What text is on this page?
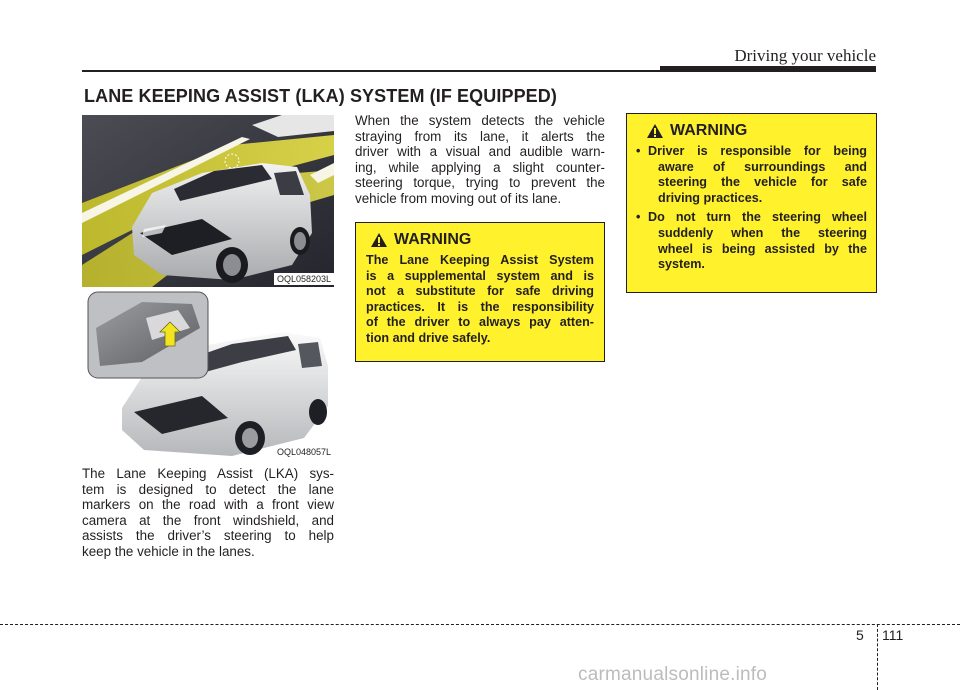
Driving your vehicle
LANE KEEPING ASSIST (LKA) SYSTEM (IF EQUIPPED)
OQL058203L
OQL048057L
The Lane Keeping Assist (LKA) sys-
tem is designed to detect the lane
markers on the road with a front view
camera at the front windshield, and
assists the driver’s steering to help
keep the vehicle in the lanes.
When the system detects the vehicle
straying from its lane, it alerts the
driver with a visual and audible warn-
ing, while applying a slight counter-
steering torque, trying to prevent the
vehicle from moving out of its lane.
WARNING
The Lane Keeping Assist System
is a supplemental system and is
not a substitute for safe driving
practices. It is the responsibility
of the driver to always pay atten-
tion and drive safely.
WARNING
• Driver is responsible for being
aware of surroundings and
steering the vehicle for safe
driving practices.
• Do not turn the steering wheel
suddenly when the steering
wheel is being assisted by the
system.
5 111
carmanualsonline.info
